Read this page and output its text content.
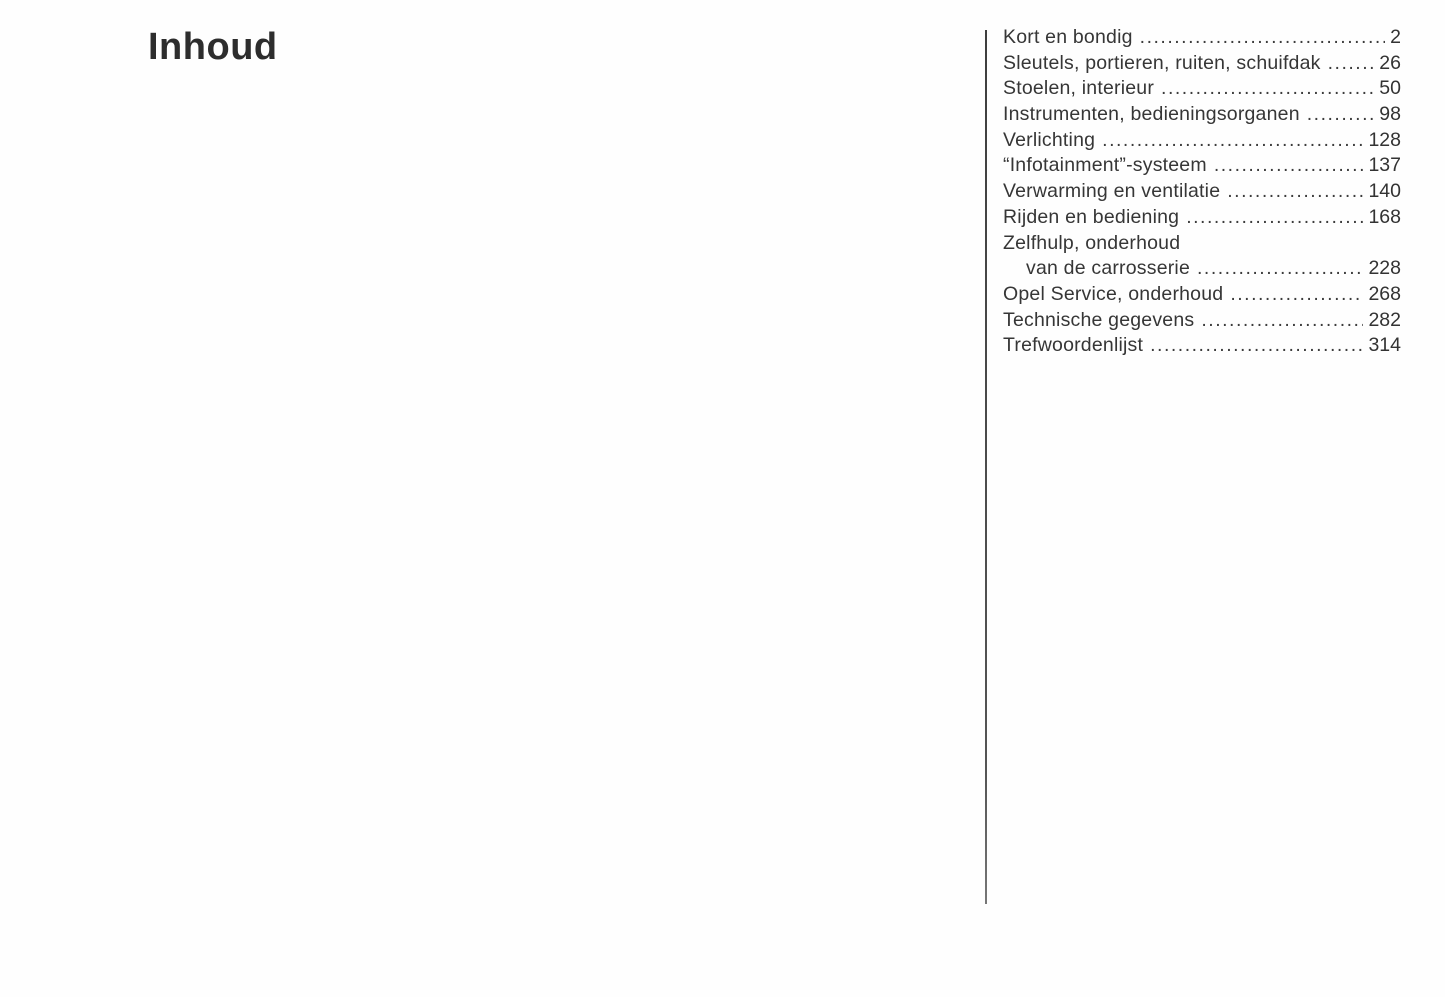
Inhoud	Kort en bondig .....	2
Sleutels, portieren, ruiten, schuifdak .....	26
Stoelen, interieur .....	50
Instrumenten, bedieningsorganen .....	98
Verlichting .....	128
“Infotainment”-systeem .....	137
Verwarming en ventilatie .....	140
Rijden en bediening .....	168
Zelfhulp, onderhoud
van de carrosserie .....	228
Opel Service, onderhoud .....	268
Technische gegevens .....	282
Trefwoordenlijst .....	314
